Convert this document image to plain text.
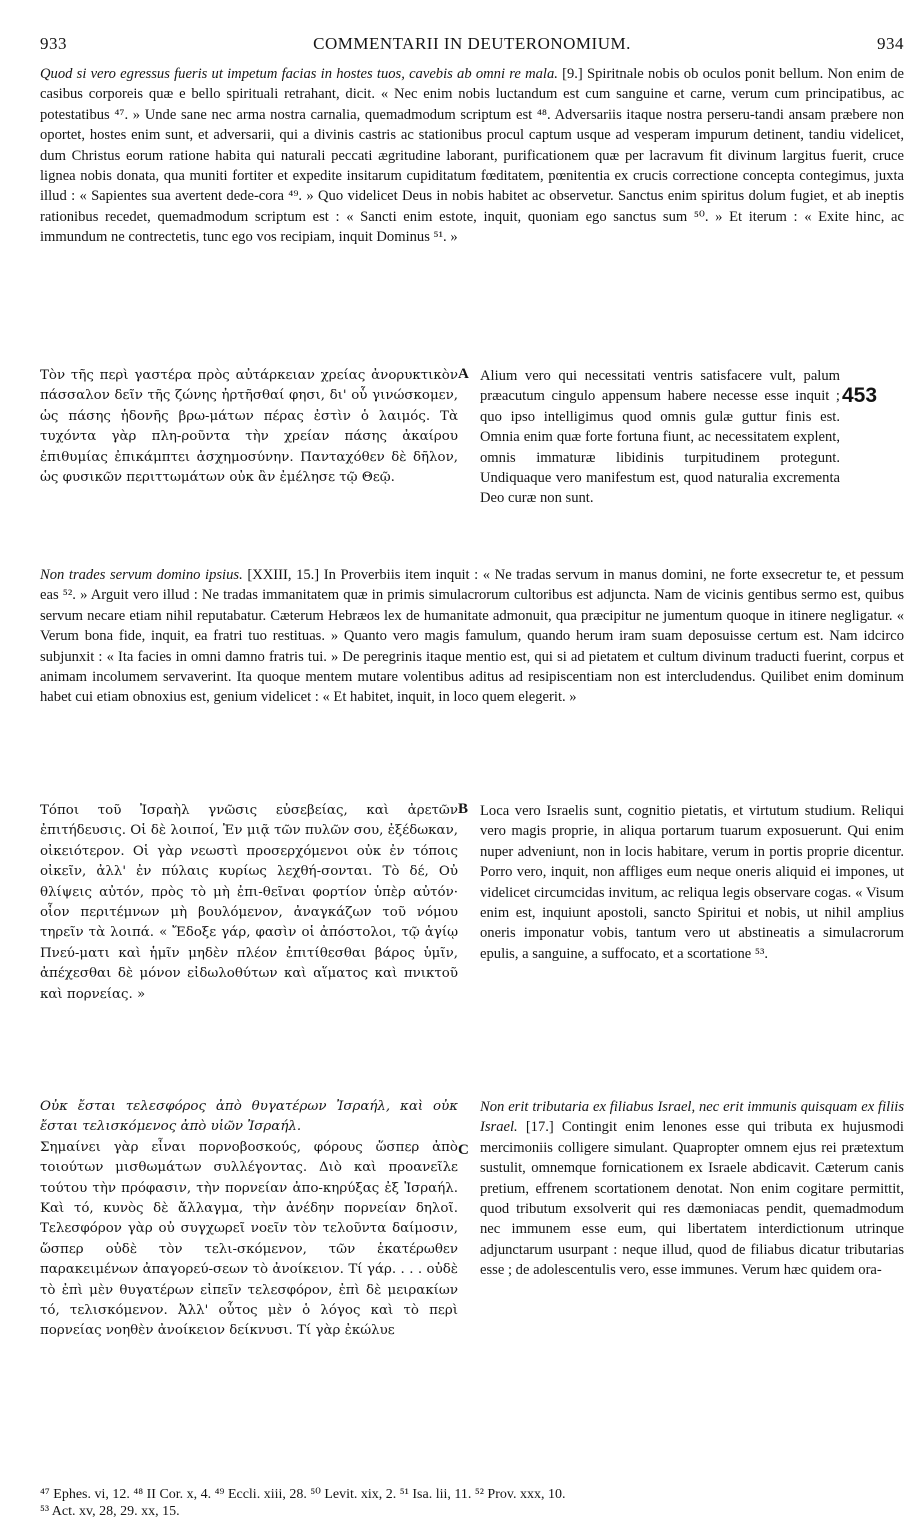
933	COMMENTARII IN DEUTERONOMIUM.	934
Quod si vero egressus fueris ut impetum facias in hostes tuos, cavebis ab omni re mala. [9.] Spiritnale nobis ob oculos ponit bellum. Non enim de casibus corporeis quæ e bello spirituali retrahant, dicit. « Nec enim nobis luctandum est cum sanguine et carne, verum cum principatibus, ac potestatibus ⁴⁷. » Unde sane nec arma nostra carnalia, quemadmodum scriptum est ⁴⁸. Adversariis itaque nostra perseru-tandi ansam præbere non oportet, hostes enim sunt, et adversarii, qui a divinis castris ac stationibus procul captum usque ad vesperam impurum detinent, tandiu videlicet, dum Christus eorum ratione habita qui naturali peccati ægritudine laborant, purificationem quæ per lacravum fit divinum largitus fuerit, cruce lignea nobis donata, qua muniti fortiter et expedite insitarum cupiditatum fœditatem, pœnitentia ex crucis correctione concepta contegimus, juxta illud : « Sapientes sua avertent dede-cora ⁴⁹. » Quo videlicet Deus in nobis habitet ac observetur. Sanctus enim spiritus dolum fugiet, et ab ineptis rationibus recedet, quemadmodum scriptum est : « Sancti enim estote, inquit, quoniam ego sanctus sum ⁵⁰. » Et iterum : « Exite hinc, ac immundum ne contrectetis, tunc ego vos recipiam, inquit Dominus ⁵¹. »
Τὸν τῆς περὶ γαστέρα πρὸς αὐτάρκειαν χρείας ἀνορυκτικὸν πάσσαλον δεῖν τῆς ζώνης ἠρτῆσθαί φησι, δι' οὗ γινώσκομεν, ὡς πάσης ἡδονῆς βρω-μάτων πέρας ἐστὶν ὁ λαιμός. Τὰ τυχόντα γὰρ πλη-ροῦντα τὴν χρείαν πάσης ἀκαίρου ἐπιθυμίας ἐπικάμπτει ἀσχημοσύνην. Πανταχόθεν δὲ δῆλον, ὡς φυσικῶν περιττωμάτων οὐκ ἂν ἐμέλησε τῷ Θεῷ.
A Alium vero qui necessitati ventris satisfacere vult, palum præacutum cingulo appensum habere necesse esse inquit ; quo ipso intelligimus quod omnis gulæ guttur finis est. Omnia enim quæ forte fortuna fiunt, ac necessitatem explent, omnis immaturæ libidinis turpitudinem protegunt. Undiquaque vero manifestum est, quod naturalia excrementa Deo curæ non sunt.
453
Non trades servum domino ipsius. [XXIII, 15.] In Proverbiis item inquit : « Ne tradas servum in manus domini, ne forte exsecretur te, et pessum eas ⁵². » Arguit vero illud : Ne tradas immanitatem quæ in primis simulacrorum cultoribus est adjuncta. Nam de vicinis gentibus sermo est, quibus servum necare etiam nihil reputabatur. Cæterum Hebræos lex de humanitate admonuit, qua præcipitur ne jumentum quoque in itinere negligatur. « Verum bona fide, inquit, ea fratri tuo restituas. » Quanto vero magis famulum, quando herum iram suam deposuisse certum est. Nam idcirco subjunxit : « Ita facies in omni damno fratris tui. » De peregrinis itaque mentio est, qui si ad pietatem et cultum divinum traducti fuerint, corpus et animam incolumem servaverint. Ita quoque mentem mutare volentibus aditus ad resipiscentiam non est intercludendus. Quilibet enim dominum habet cui etiam obnoxius est, genium videlicet : « Et habitet, inquit, in loco quem elegerit. »
Τόποι τοῦ Ἰσραὴλ γνῶσις εὐσεβείας, καὶ ἀρετῶν ἐπιτήδευσις. Οἱ δὲ λοιποί, Ἐν μιᾷ τῶν πυλῶν σου, ἐξέδωκαν, οἰκειότερον. Οἱ γὰρ νεωστὶ προσερχόμενοι οὐκ ἐν τόποις οἰκεῖν, ἀλλ' ἐν πύλαις κυρίως λεχθή-σονται. Τὸ δέ, Οὐ θλίψεις αὐτόν, πρὸς τὸ μὴ ἐπι-θεῖναι φορτίον ὑπὲρ αὐτόν· οἷον περιτέμνων μὴ βουλόμενον, ἀναγκάζων τοῦ νόμου τηρεῖν τὰ λοιπά. « Ἔδοξε γάρ, φασὶν οἱ ἀπόστολοι, τῷ ἁγίῳ Πνεύ-ματι καὶ ἡμῖν μηδὲν πλέον ἐπιτίθεσθαι βάρος ὑμῖν, ἀπέχεσθαι δὲ μόνον εἰδωλοθύτων καὶ αἵματος καὶ πνικτοῦ καὶ πορνείας. »
B Loca vero Israelis sunt, cognitio pietatis, et virtutum studium. Reliqui vero magis proprie, in aliqua portarum tuarum exposuerunt. Qui enim nuper adveniunt, non in locis habitare, verum in portis proprie dicentur. Porro vero, inquit, non affliges eum neque oneris aliquid ei impones, ut videlicet circumcidas invitum, ac reliqua legis observare cogas. « Visum enim est, inquiunt apostoli, sancto Spiritui et nobis, ut nihil amplius oneris imponatur vobis, tantum vero ut abstineatis a simulacrorum epulis, a sanguine, a suffocato, et a scortatione ⁵³.

Οὐκ ἔσται τελεσφόρος ἀπὸ θυγατέρων Ἰσραήλ, καὶ οὐκ ἔσται τελισκόμενος ἀπὸ υἱῶν Ἰσραήλ.

Σημαίνει γὰρ εἶναι πορνοβοσκούς, φόρους ὥσπερ ἀπὸ τοιούτων μισθωμάτων συλλέγοντας. Διὸ καὶ προανεῖλε τούτου τὴν πρόφασιν, τὴν πορνείαν ἀπο-κηρύξας ἐξ Ἰσραήλ. Καὶ τό, κυνὸς δὲ ἄλλαγμα, τὴν ἀνέδην πορνείαν δηλοῖ. Τελεσφόρον γὰρ οὐ συγχωρεῖ νοεῖν τὸν τελοῦντα δαίμοσιν, ὥσπερ οὐδὲ τὸν τελι-σκόμενον, τῶν ἑκατέρωθεν παρακειμένων ἀπαγορεύ-σεων τὸ ἀνοίκειον. Τί γάρ. . . . οὐδὲ τὸ ἐπὶ μὲν θυγατέρων εἰπεῖν τελεσφόρον, ἐπὶ δὲ μειρακίων τό, τελισκόμενον. Ἀλλ' οὗτος μὲν ὁ λόγος καὶ τὸ περὶ πορνείας νοηθὲν ἀνοίκειον δείκνυσι. Τί γὰρ ἐκώλυε

C
Non erit tributaria ex filiabus Israel, nec erit immunis quisquam ex filiis Israel. [17.] Contingit enim lenones esse qui tributa ex hujusmodi mercimoniis colligere simulant. Quapropter omnem ejus rei prætextum sustulit, omnemque fornicationem ex Israele abdicavit. Cæterum canis pretium, effrenem scortationem denotat. Non enim cogitare permittit, quod tributum exsolverit qui res dæmoniacas pendit, quemadmodum nec immunem esse eum, qui libertatem interdictionum utrinque adjunctarum usurpant : neque illud, quod de filiabus dicatur tributarias esse ; de adolescentulis vero, esse immunes. Verum hæc quidem ora-

⁴⁷ Ephes. vi, 12. ⁴⁸ II Cor. x, 4. ⁴⁹ Eccli. xiii, 28. ⁵⁰ Levit. xix, 2. ⁵¹ Isa. lii, 11. ⁵² Prov. xxx, 10.

⁵³ Act. xv, 28, 29. xx, 15.
